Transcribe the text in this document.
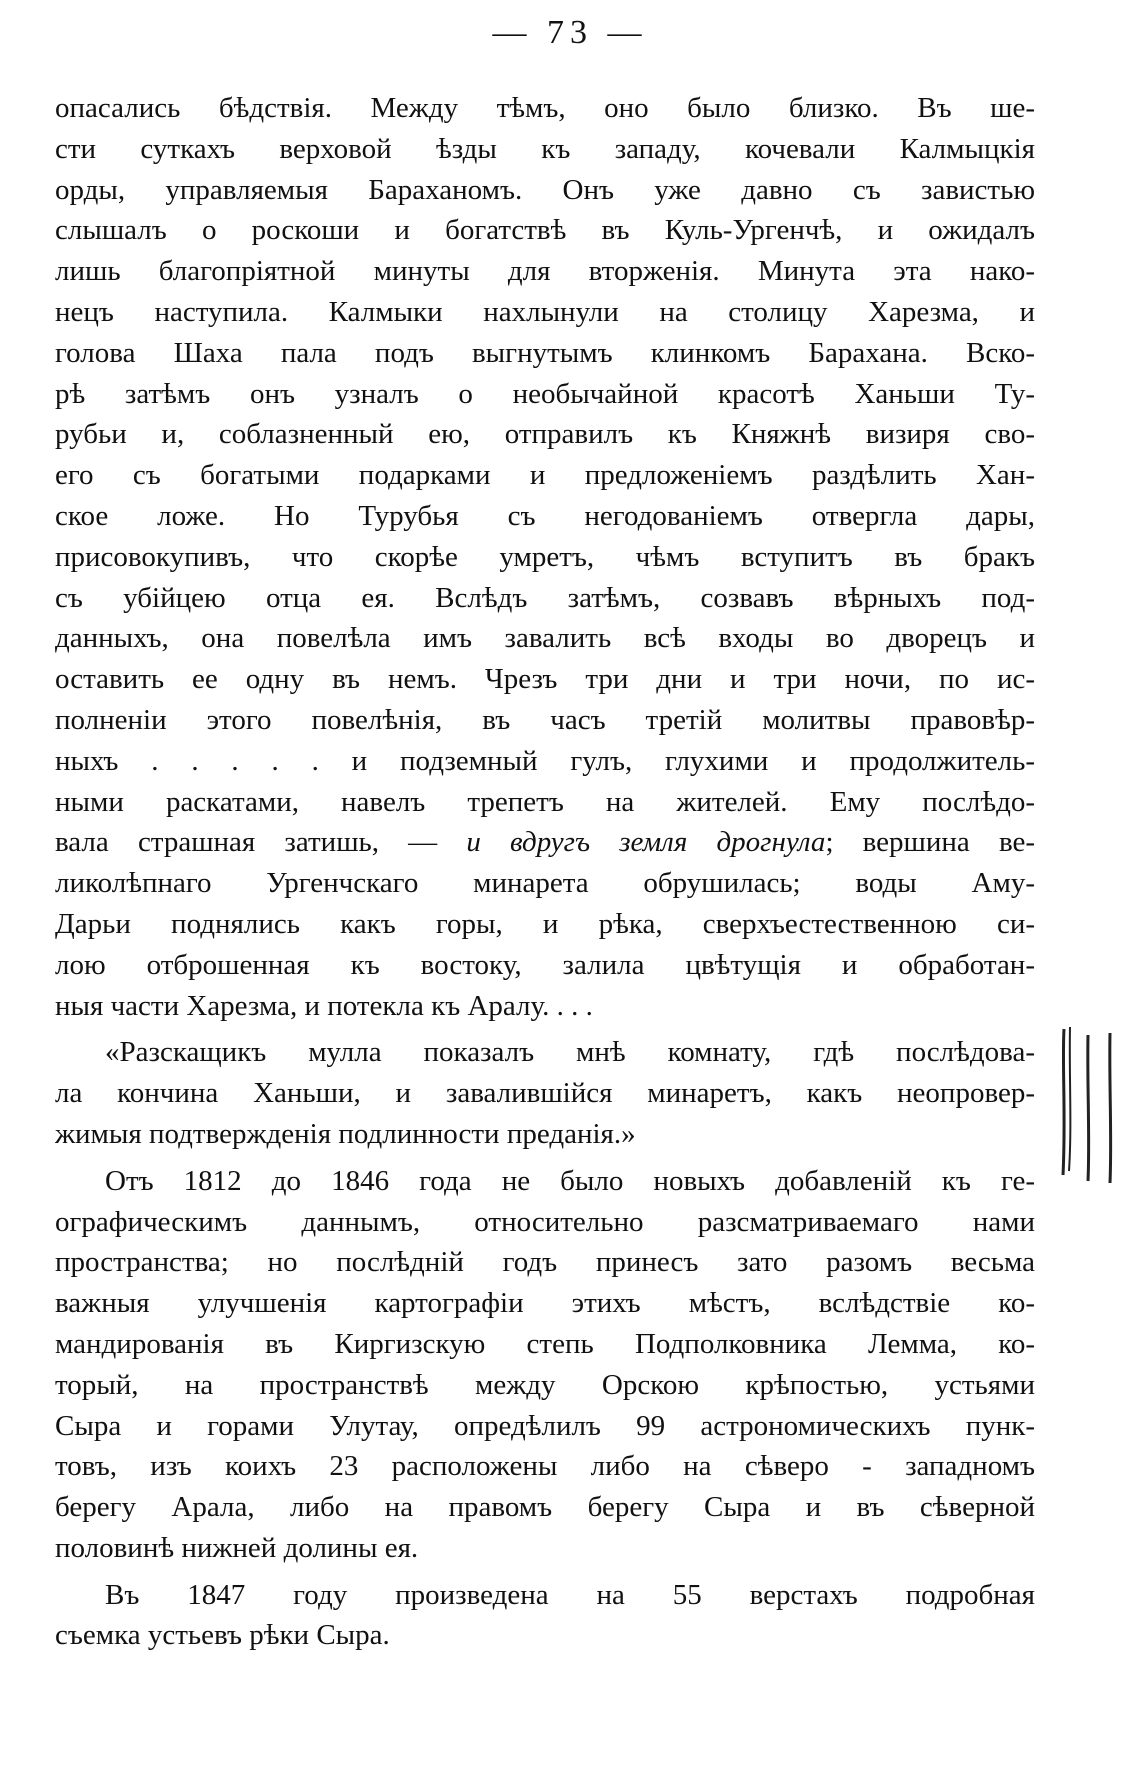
— 73 —
опасались бѣдствія. Между тѣмъ, оно было близко. Въ ше-
сти суткахъ верховой ѣзды къ западу, кочевали Калмыцкія
орды, управляемыя Бараханомъ. Онъ уже давно съ завистью
слышалъ о роскоши и богатствѣ въ Куль-Ургенчѣ, и ожидалъ
лишь благопріятной минуты для вторженія. Минута эта нако-
нецъ наступила. Калмыки нахлынули на столицу Харезма, и
голова Шаха пала подъ выгнутымъ клинкомъ Барахана. Вско-
рѣ затѣмъ онъ узналъ о необычайной красотѣ Ханьши Ту-
рубьи и, соблазненный ею, отправилъ къ Княжнѣ визиря сво-
его съ богатыми подарками и предложеніемъ раздѣлить Хан-
ское ложе. Но Турубья съ негодованіемъ отвергла дары,
присовокупивъ, что скорѣе умретъ, чѣмъ вступитъ въ бракъ
съ убійцею отца ея. Вслѣдъ затѣмъ, созвавъ вѣрныхъ под-
данныхъ, она повелѣла имъ завалить всѣ входы во дворецъ и
оставить ее одну въ немъ. Чрезъ три дни и три ночи, по ис-
полненіи этого повелѣнія, въ часъ третій молитвы правовѣр-
ныхъ . . . . . и подземный гулъ, глухими и продолжитель-
ными раскатами, навелъ трепетъ на жителей. Ему послѣдо-
вала страшная затишь, — и вдругъ земля дрогнула; вершина ве-
ликолѣпнаго Ургенчскаго минарета обрушилась; воды Аму-
Дарьи поднялись какъ горы, и рѣка, сверхъестественною си-
лою отброшенная къ востоку, залила цвѣтущія и обработан-
ныя части Харезма, и потекла къ Аралу. . . .
«Разскащикъ мулла показалъ мнѣ комнату, гдѣ послѣдова-
ла кончина Ханьши, и завалившійся минаретъ, какъ неопровер-
жимыя подтвержденія подлинности преданія.»
Отъ 1812 до 1846 года не было новыхъ добавленій къ ге-
ографическимъ даннымъ, относительно разсматриваемаго нами
пространства; но послѣдній годъ принесъ зато разомъ весьма
важныя улучшенія картографіи этихъ мѣстъ, вслѣдствіе ко-
мандированія въ Киргизскую степь Подполковника Лемма, ко-
торый, на пространствѣ между Орскою крѣпостью, устьями
Сыра и горами Улутау, опредѣлилъ 99 астрономическихъ пунк-
товъ, изъ коихъ 23 расположены либо на сѣверо - западномъ
берегу Арала, либо на правомъ берегу Сыра и въ сѣверной
половинѣ нижней долины ея.
Въ 1847 году произведена на 55 верстахъ подробная
съемка устьевъ рѣки Сыра.
